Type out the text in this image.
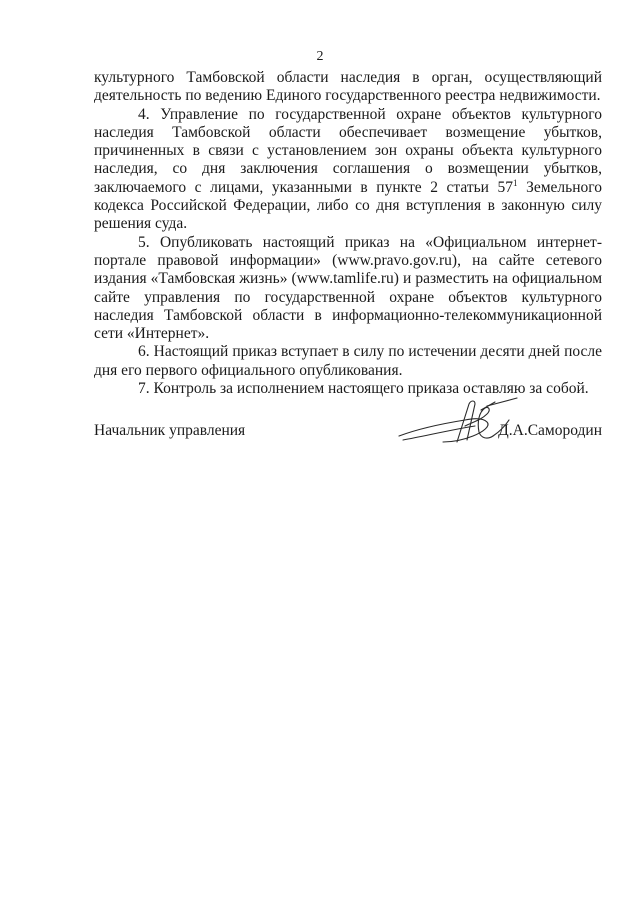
2

культурного Тамбовской области наследия в орган, осуществляющий деятельность по ведению Единого государственного реестра недвижимости.

4. Управление по государственной охране объектов культурного наследия Тамбовской области обеспечивает возмещение убытков, причиненных в связи с установлением зон охраны объекта культурного наследия, со дня заключения соглашения о возмещении убытков, заключаемого с лицами, указанными в пункте 2 статьи $57^1$ Земельного кодекса Российской Федерации, либо со дня вступления в законную силу решения суда.

5. Опубликовать настоящий приказ на «Официальном интернет-портале правовой информации» (www.pravo.gov.ru), на сайте сетевого издания «Тамбовская жизнь» (www.tamlife.ru) и разместить на официальном сайте управления по государственной охране объектов культурного наследия Тамбовской области в информационно-телекоммуникационной сети «Интернет».

6. Настоящий приказ вступает в силу по истечении десяти дней после дня его первого официального опубликования.

7. Контроль за исполнением настоящего приказа оставляю за собой.

Начальник управления	Д.А.Самородин
